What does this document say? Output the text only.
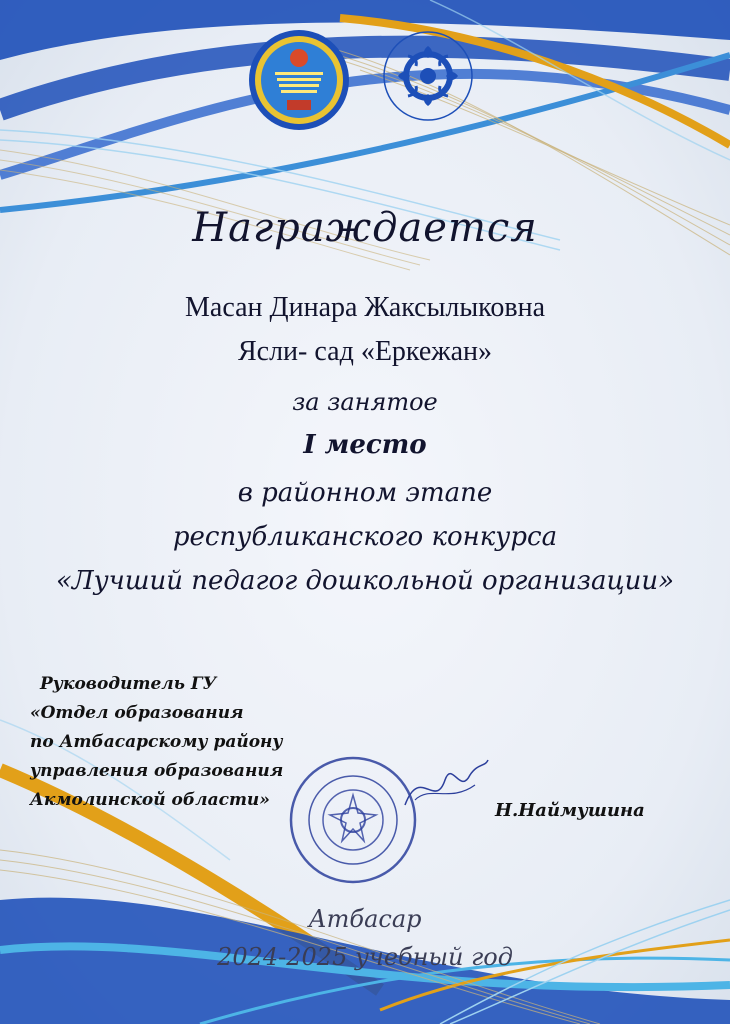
Награждается
Масан Динара Жаксылыковна
Ясли- сад «Еркежан»
за занятое
I место
в районном этапе
республиканского конкурса
«Лучший педагог дошкольной организации»
Руководитель ГУ
«Отдел образования
по Атбасарскому району
управления образования
Акмолинской области»	Н.Наймушина
Атбасар
2024-2025 учебный год
